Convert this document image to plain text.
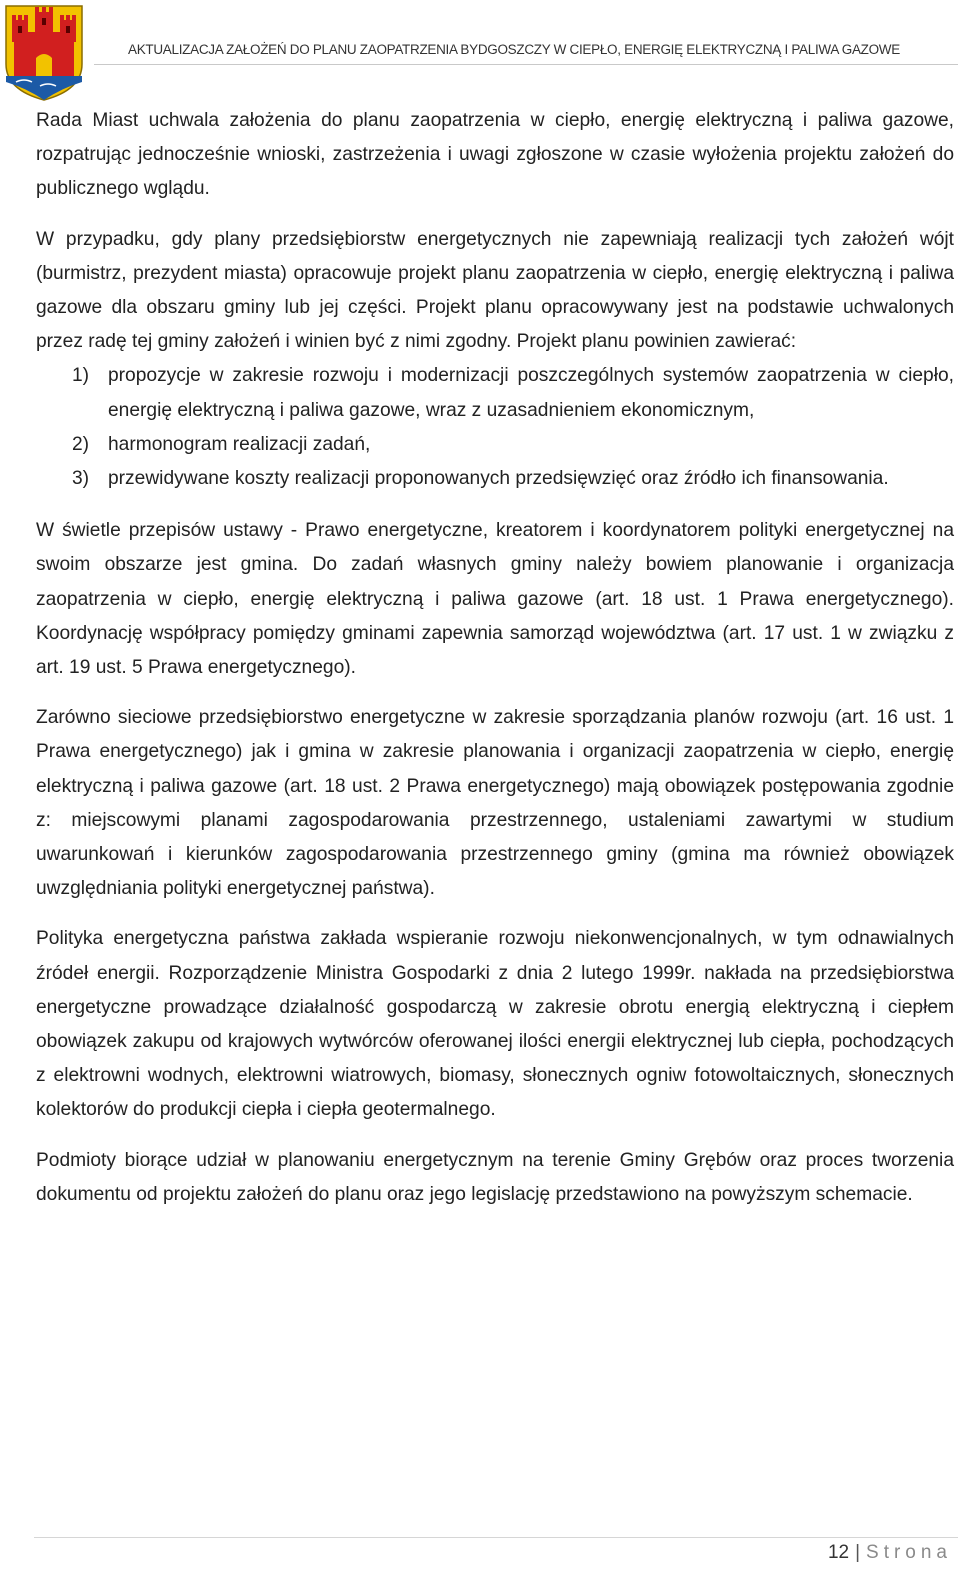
AKTUALIZACJA ZAŁOŻEŃ DO PLANU ZAOPATRZENIA BYDGOSZCZY W CIEPŁO, ENERGIĘ ELEKTRYCZNĄ I PALIWA GAZOWE

Rada Miast uchwala założenia do planu zaopatrzenia w ciepło, energię elektryczną i paliwa gazowe, rozpatrując jednocześnie wnioski, zastrzeżenia i uwagi zgłoszone w czasie wyłożenia projektu założeń do publicznego wglądu.

W przypadku, gdy plany przedsiębiorstw energetycznych nie zapewniają realizacji tych założeń wójt (burmistrz, prezydent miasta) opracowuje projekt planu zaopatrzenia w ciepło, energię elektryczną i paliwa gazowe dla obszaru gminy lub jej części. Projekt planu opracowywany jest na podstawie uchwalonych przez radę tej gminy założeń i winien być z nimi zgodny. Projekt planu powinien zawierać:

1) propozycje w zakresie rozwoju i modernizacji poszczególnych systemów zaopatrzenia w ciepło, energię elektryczną i paliwa gazowe, wraz z uzasadnieniem ekonomicznym,
2) harmonogram realizacji zadań,
3) przewidywane koszty realizacji proponowanych przedsięwzięć oraz źródło ich finansowania.

W świetle przepisów ustawy - Prawo energetyczne, kreatorem i koordynatorem polityki energetycznej na swoim obszarze jest gmina. Do zadań własnych gminy należy bowiem planowanie i organizacja zaopatrzenia w ciepło, energię elektryczną i paliwa gazowe (art. 18 ust. 1 Prawa energetycznego). Koordynację współpracy pomiędzy gminami zapewnia samorząd województwa (art. 17 ust. 1 w związku z art. 19 ust. 5 Prawa energetycznego).

Zarówno sieciowe przedsiębiorstwo energetyczne w zakresie sporządzania planów rozwoju (art. 16 ust. 1 Prawa energetycznego) jak i gmina w zakresie planowania i organizacji zaopatrzenia w ciepło, energię elektryczną i paliwa gazowe (art. 18 ust. 2 Prawa energetycznego) mają obowiązek postępowania zgodnie z: miejscowymi planami zagospodarowania przestrzennego, ustaleniami zawartymi w studium uwarunkowań i kierunków zagospodarowania przestrzennego gminy (gmina ma również obowiązek uwzględniania polityki energetycznej państwa).

Polityka energetyczna państwa zakłada wspieranie rozwoju niekonwencjonalnych, w tym odnawialnych źródeł energii. Rozporządzenie Ministra Gospodarki z dnia 2 lutego 1999r. nakłada na przedsiębiorstwa energetyczne prowadzące działalność gospodarczą w zakresie obrotu energią elektryczną i ciepłem obowiązek zakupu od krajowych wytwórców oferowanej ilości energii elektrycznej lub ciepła, pochodzących z elektrowni wodnych, elektrowni wiatrowych, biomasy, słonecznych ogniw fotowoltaicznych, słonecznych kolektorów do produkcji ciepła i ciepła geotermalnego.

Podmioty biorące udział w planowaniu energetycznym na terenie Gminy Grębów oraz proces tworzenia dokumentu od projektu założeń do planu oraz jego legislację przedstawiono na powyższym schemacie.

12 | Strona
